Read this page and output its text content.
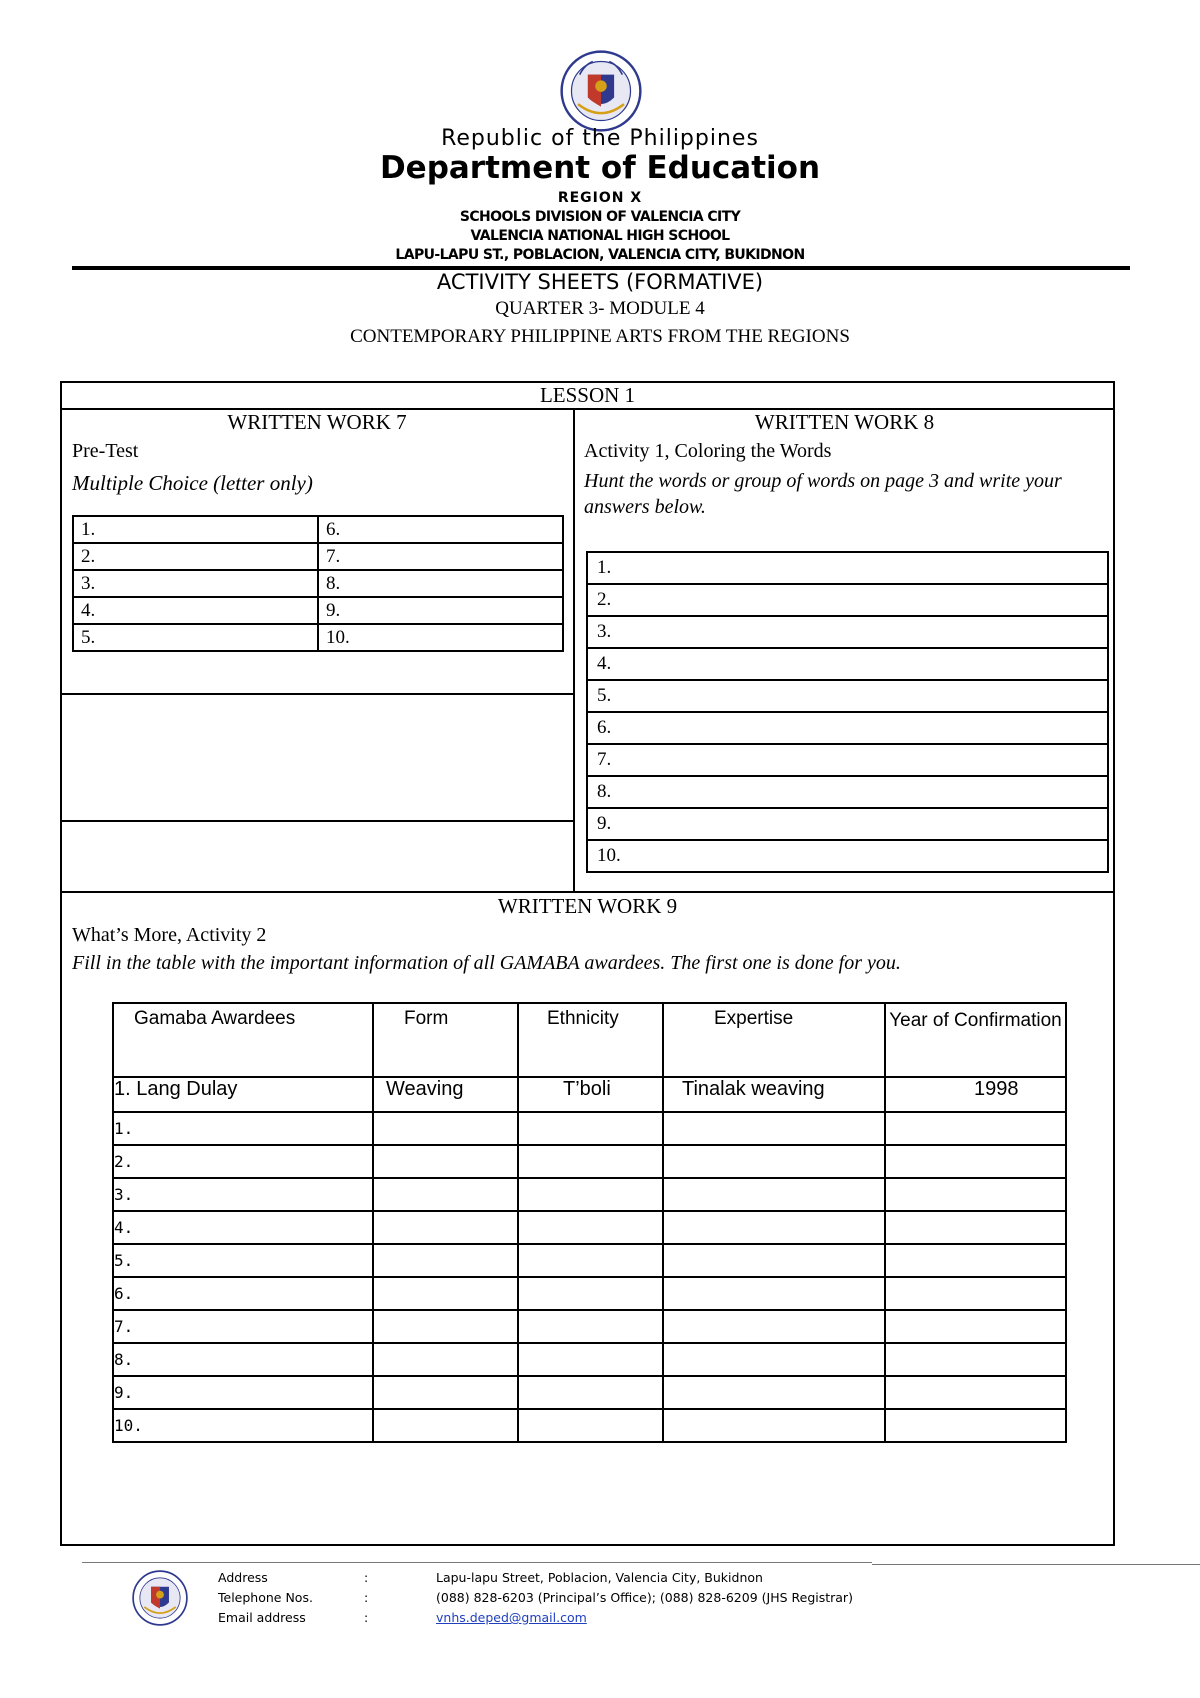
Republic of the Philippines
Department of Education
REGION X
SCHOOLS DIVISION OF VALENCIA CITY
VALENCIA NATIONAL HIGH SCHOOL
LAPU-LAPU ST., POBLACION, VALENCIA CITY, BUKIDNON
ACTIVITY SHEETS (FORMATIVE)
QUARTER 3- MODULE 4
CONTEMPORARY PHILIPPINE ARTS FROM THE REGIONS
LESSON 1
WRITTEN WORK 7
Pre-Test
Multiple Choice (letter only)
1.	6.
2.	7.
3.	8.
4.	9.
5.	10.
WRITTEN WORK 8
Activity 1, Coloring the Words
Hunt the words or group of words on page 3 and write your answers below.
1.
2.
3.
4.
5.
6.
7.
8.
9.
10.
WRITTEN WORK 9
What’s More, Activity 2
Fill in the table with the important information of all GAMABA awardees. The first one is done for you.
Gamaba Awardees	Form	Ethnicity	Expertise	Year of Confirmation
1. Lang Dulay	Weaving	T’boli	Tinalak weaving	1998
1.				
2.				
3.				
4.				
5.				
6.				
7.				
8.				
9.				
10.				
Address	:	Lapu-lapu Street, Poblacion, Valencia City, Bukidnon
Telephone Nos.	:	(088) 828-6203 (Principal’s Office); (088) 828-6209 (JHS Registrar)
Email address	:	vnhs.deped@gmail.com
